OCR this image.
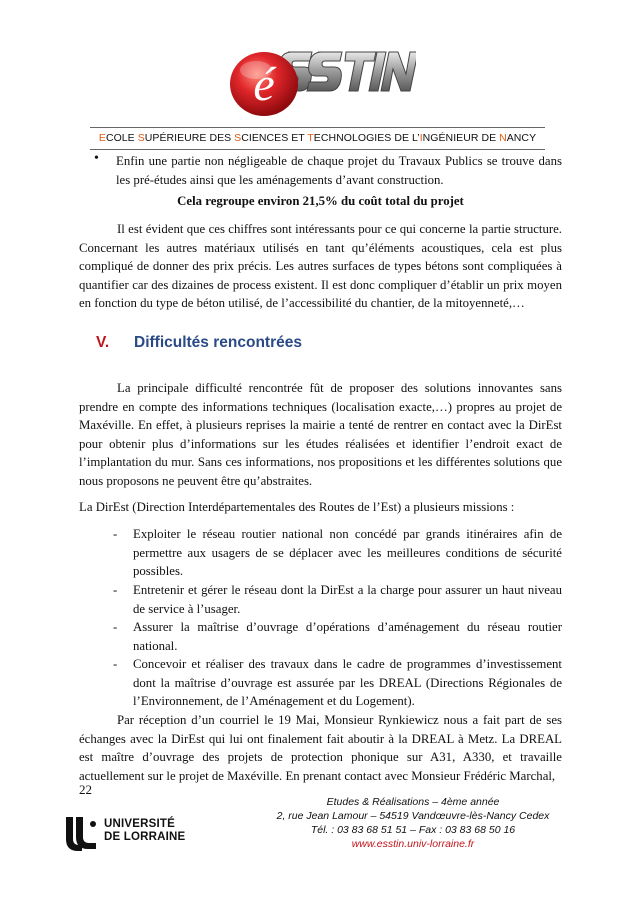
é
ECOLE SUPÉRIEURE DES SCIENCES ET TECHNOLOGIES DE L’INGÉNIEUR DE NANCY
• Enfin une partie non négligeable de chaque projet du Travaux Publics se trouve dans les pré-études ainsi que les aménagements d’avant construction.
Cela regroupe environ 21,5% du coût total du projet
Il est évident que ces chiffres sont intéressants pour ce qui concerne la partie structure. Concernant les autres matériaux utilisés en tant qu’éléments acoustiques, cela est plus compliqué de donner des prix précis. Les autres surfaces de types bétons sont compliquées à quantifier car des dizaines de process existent. Il est donc compliquer d’établir un prix moyen en fonction du type de béton utilisé, de l’accessibilité du chantier, de la mitoyenneté,…
V. Difficultés rencontrées
La principale difficulté rencontrée fût de proposer des solutions innovantes sans prendre en compte des informations techniques (localisation exacte,…) propres au projet de Maxéville. En effet, à plusieurs reprises la mairie a tenté de rentrer en contact avec la DirEst pour obtenir plus d’informations sur les études réalisées et identifier l’endroit exact de l’implantation du mur. Sans ces informations, nos propositions et les différentes solutions que nous proposons ne peuvent être qu’abstraites.
La DirEst (Direction Interdépartementales des Routes de l’Est) a plusieurs missions :
- Exploiter le réseau routier national non concédé par grands itinéraires afin de permettre aux usagers de se déplacer avec les meilleures conditions de sécurité possibles.
- Entretenir et gérer le réseau dont la DirEst a la charge pour assurer un haut niveau de service à l’usager.
- Assurer la maîtrise d’ouvrage d’opérations d’aménagement du réseau routier national.
- Concevoir et réaliser des travaux dans le cadre de programmes d’investissement dont la maîtrise d’ouvrage est assurée par les DREAL (Directions Régionales de l’Environnement, de l’Aménagement et du Logement).
Par réception d’un courriel le 19 Mai, Monsieur Rynkiewicz nous a fait part de ses échanges avec la DirEst qui lui ont finalement fait aboutir à la DREAL à Metz. La DREAL est maître d’ouvrage des projets de protection phonique sur A31, A330, et travaille actuellement sur le projet de Maxéville. En prenant contact avec Monsieur Frédéric Marchal,
22
Etudes & Réalisations – 4ème année
2, rue Jean Lamour – 54519 Vandœuvre-lès-Nancy Cedex
Tél. : 03 83 68 51 51 – Fax : 03 83 68 50 16
www.esstin.univ-lorraine.fr
UNIVERSITÉ
DE LORRAINE
